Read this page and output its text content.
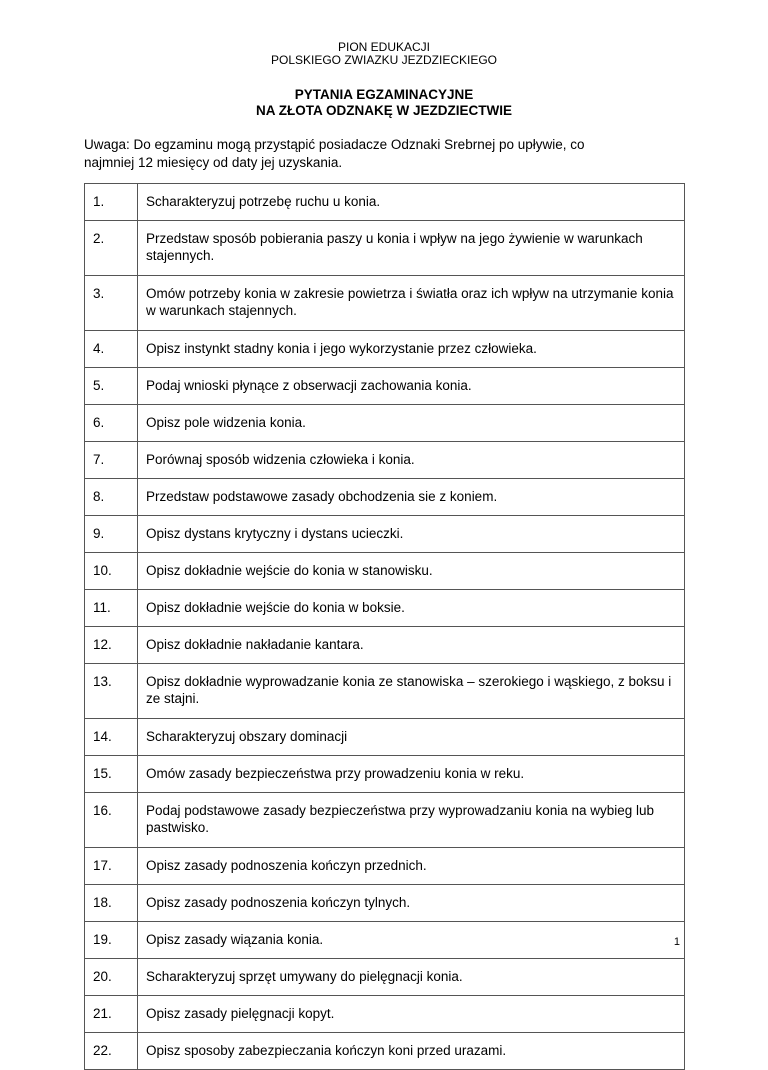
PION EDUKACJI
POLSKIEGO ZWIAZKU JEZDZIECKIEGO
PYTANIA EGZAMINACYJNE
NA ZŁOTA ODZNAKĘ W JEZDZIECTWIE
Uwaga: Do egzaminu mogą przystąpić posiadacze Odznaki Srebrnej po upływie, co
najmniej 12 miesięcy od daty jej uzyskania.
1.	Scharakteryzuj potrzebę ruchu u konia.
2.	Przedstaw sposób pobierania paszy u konia i wpływ na jego żywienie w warunkach stajennych.
3.	Omów potrzeby konia w zakresie powietrza i światła oraz ich wpływ na utrzymanie konia w warunkach stajennych.
4.	Opisz instynkt stadny konia i jego wykorzystanie przez człowieka.
5.	Podaj wnioski płynące z obserwacji zachowania konia.
6.	Opisz pole widzenia konia.
7.	Porównaj sposób widzenia człowieka i konia.
8.	Przedstaw podstawowe zasady obchodzenia sie z koniem.
9.	Opisz dystans krytyczny i dystans ucieczki.
10.	Opisz dokładnie wejście do konia w stanowisku.
11.	Opisz dokładnie wejście do konia w boksie.
12.	Opisz dokładnie nakładanie kantara.
13.	Opisz dokładnie wyprowadzanie konia ze stanowiska – szerokiego i wąskiego, z boksu i ze stajni.
14.	Scharakteryzuj obszary dominacji
15.	Omów zasady bezpieczeństwa przy prowadzeniu konia w reku.
16.	Podaj podstawowe zasady bezpieczeństwa przy wyprowadzaniu konia na wybieg lub pastwisko.
17.	Opisz zasady podnoszenia kończyn przednich.
18.	Opisz zasady podnoszenia kończyn tylnych.
19.	Opisz zasady wiązania konia.
20.	Scharakteryzuj sprzęt umywany do pielęgnacji konia.
21.	Opisz zasady pielęgnacji kopyt.
22.	Opisz sposoby zabezpieczania kończyn koni przed urazami.
1
